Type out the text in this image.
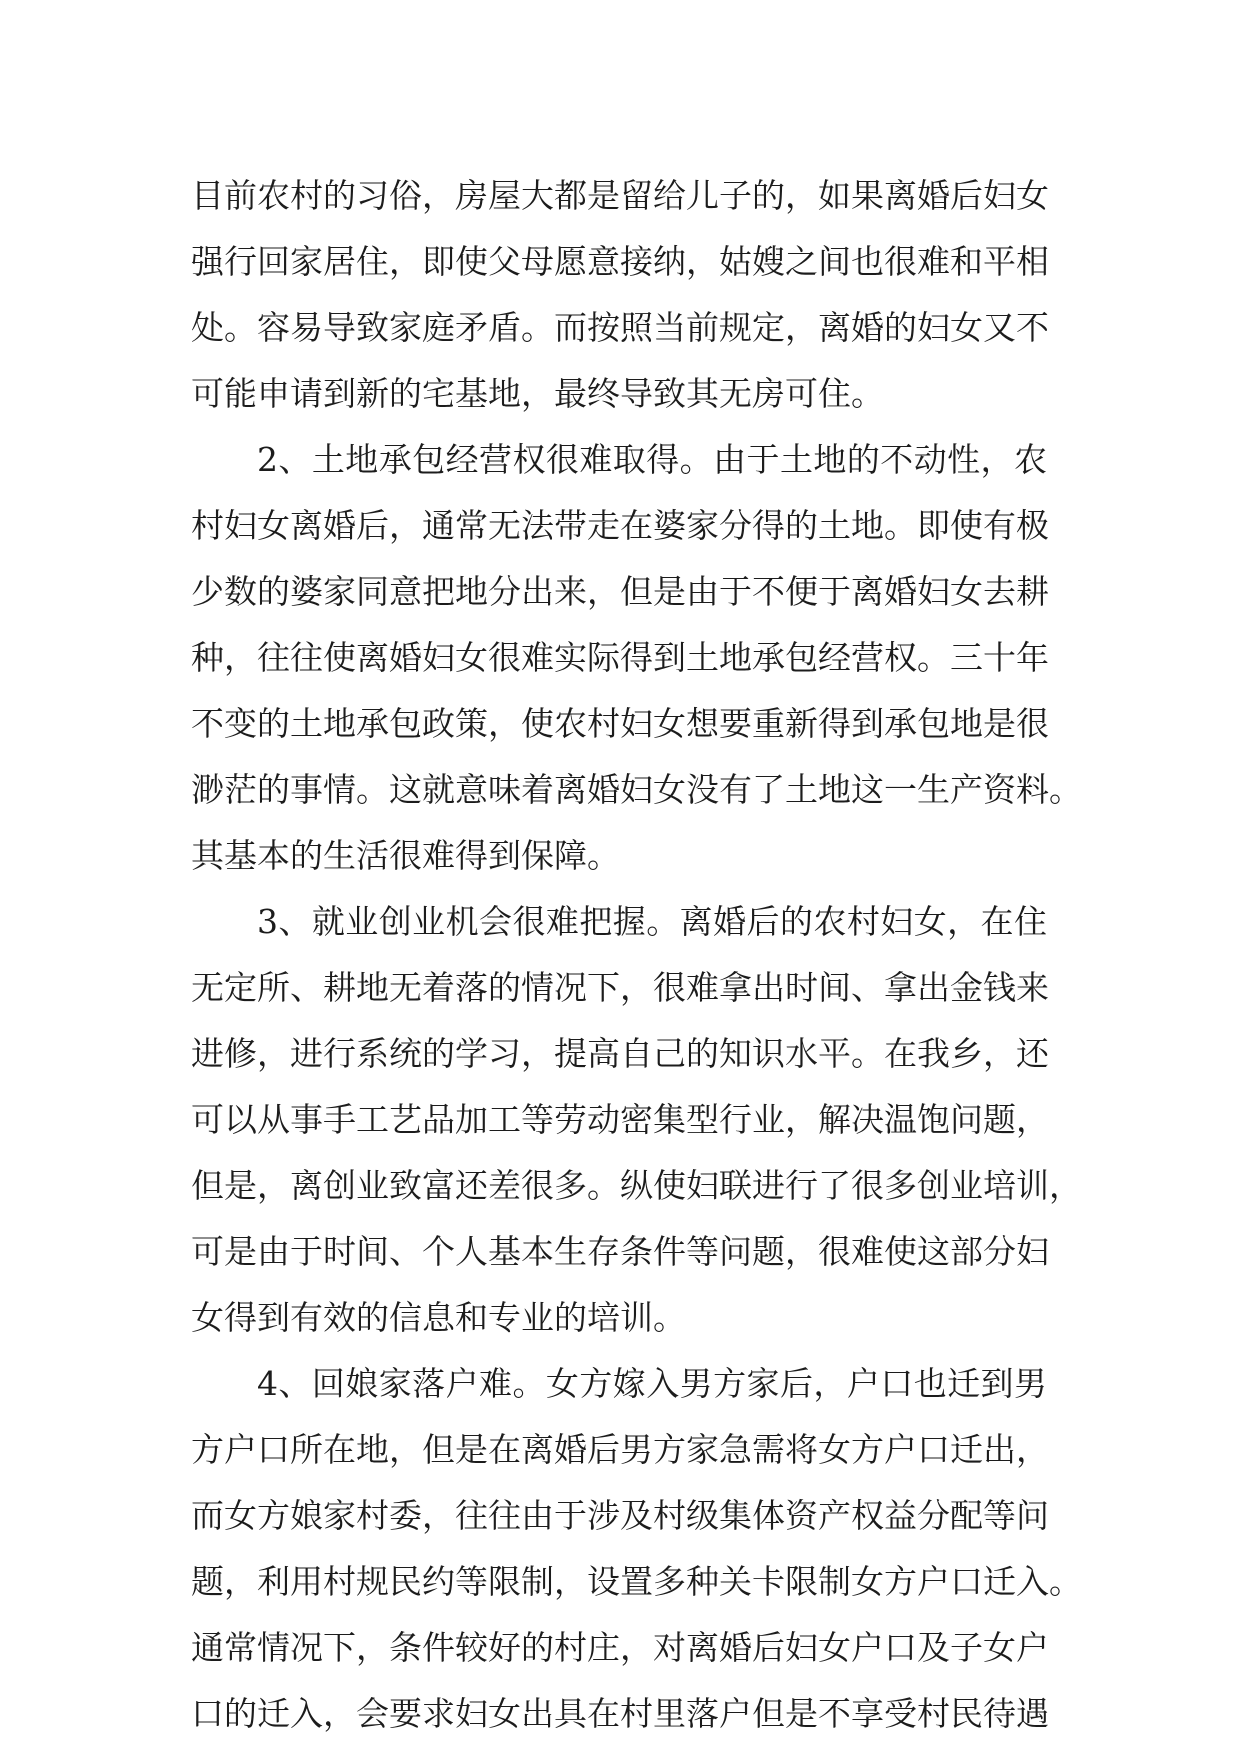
目前农村的习俗，房屋大都是留给儿子的，如果离婚后妇女
强行回家居住，即使父母愿意接纳，姑嫂之间也很难和平相
处。容易导致家庭矛盾。而按照当前规定，离婚的妇女又不
可能申请到新的宅基地，最终导致其无房可住。
2、土地承包经营权很难取得。由于土地的不动性，农
村妇女离婚后，通常无法带走在婆家分得的土地。即使有极
少数的婆家同意把地分出来，但是由于不便于离婚妇女去耕
种，往往使离婚妇女很难实际得到土地承包经营权。三十年
不变的土地承包政策，使农村妇女想要重新得到承包地是很
渺茫的事情。这就意味着离婚妇女没有了土地这一生产资料。
其基本的生活很难得到保障。
3、就业创业机会很难把握。离婚后的农村妇女，在住
无定所、耕地无着落的情况下，很难拿出时间、拿出金钱来
进修，进行系统的学习，提高自己的知识水平。在我乡，还
可以从事手工艺品加工等劳动密集型行业，解决温饱问题，
但是，离创业致富还差很多。纵使妇联进行了很多创业培训，
可是由于时间、个人基本生存条件等问题，很难使这部分妇
女得到有效的信息和专业的培训。
4、回娘家落户难。女方嫁入男方家后，户口也迁到男
方户口所在地，但是在离婚后男方家急需将女方户口迁出，
而女方娘家村委，往往由于涉及村级集体资产权益分配等问
题，利用村规民约等限制，设置多种关卡限制女方户口迁入。
通常情况下，条件较好的村庄，对离婚后妇女户口及子女户
口的迁入，会要求妇女出具在村里落户但是不享受村民待遇
